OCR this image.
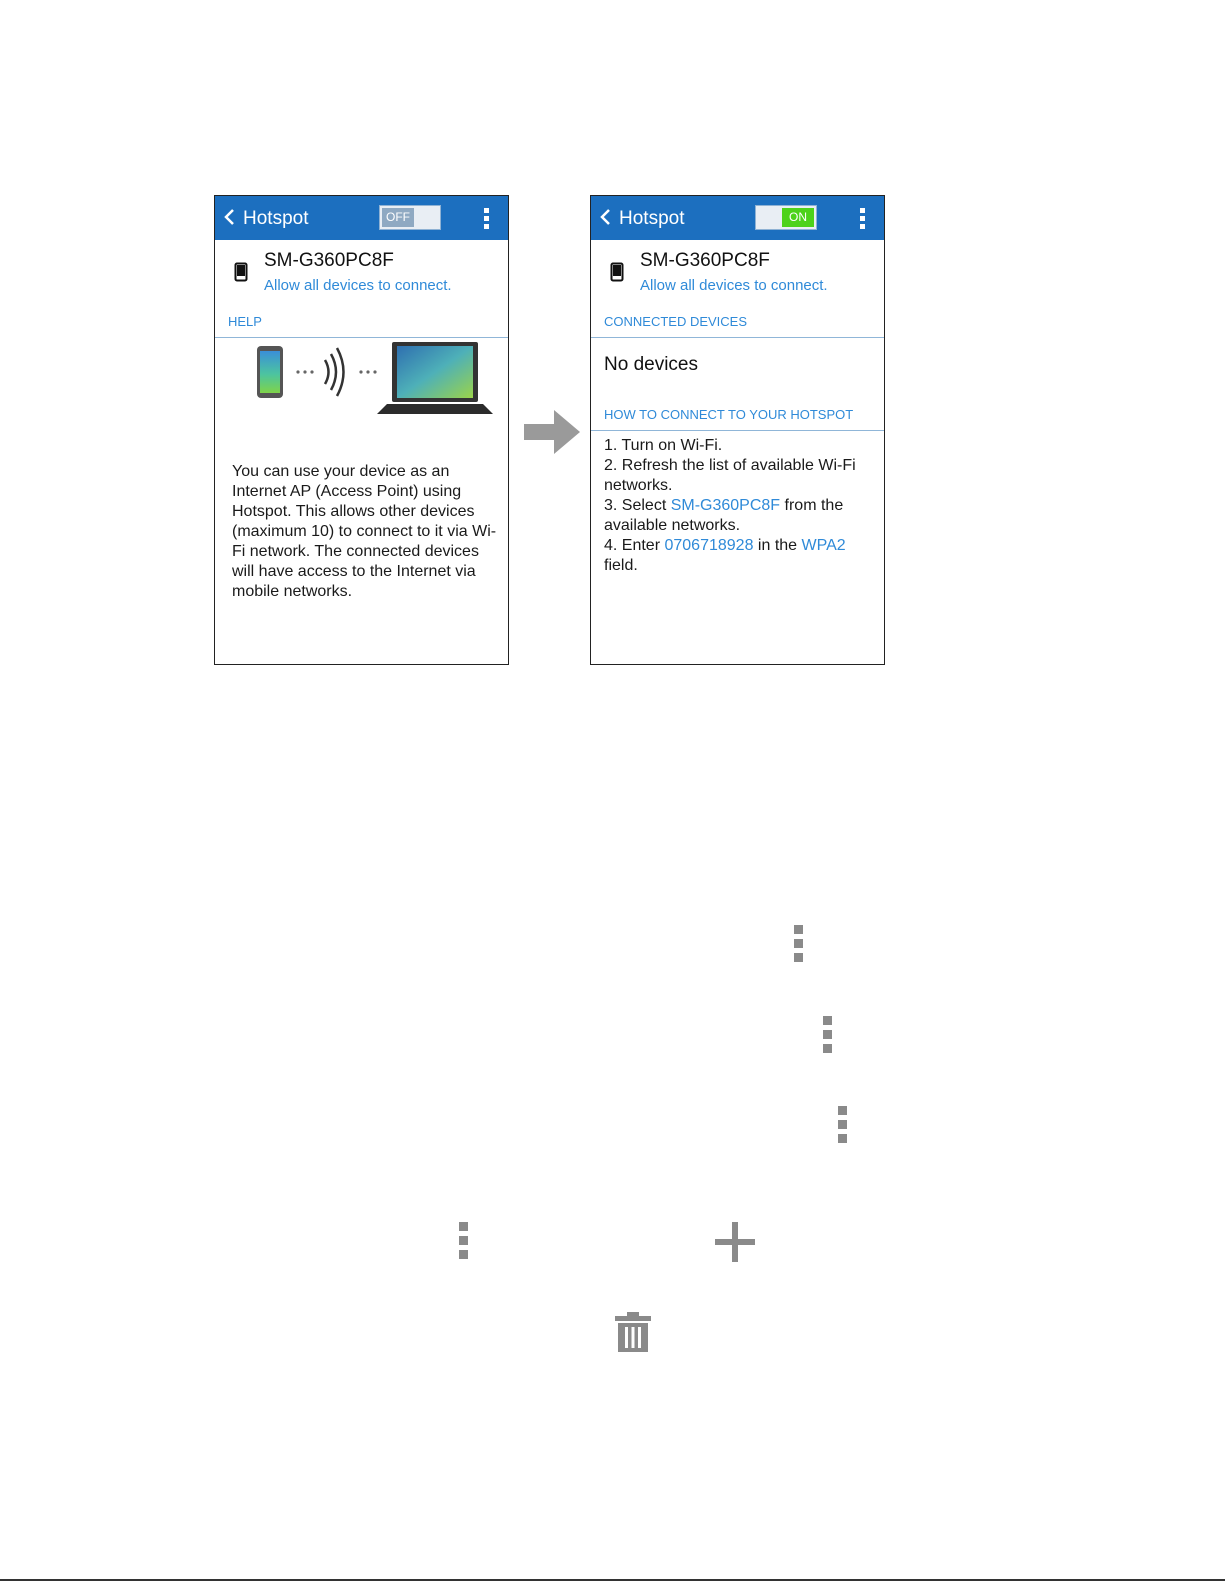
Hotspot	OFF
SM-G360PC8F
Allow all devices to connect.
HELP
You can use your device as an Internet AP (Access Point) using Hotspot. This allows other devices (maximum 10) to connect to it via Wi-Fi network. The connected devices will have access to the Internet via mobile networks.
Hotspot	ON
SM-G360PC8F
Allow all devices to connect.
CONNECTED DEVICES
No devices
HOW TO CONNECT TO YOUR HOTSPOT
1. Turn on Wi-Fi.
2. Refresh the list of available Wi-Fi networks.
3. Select SM-G360PC8F from the available networks.
4. Enter 0706718928 in the WPA2 field.
